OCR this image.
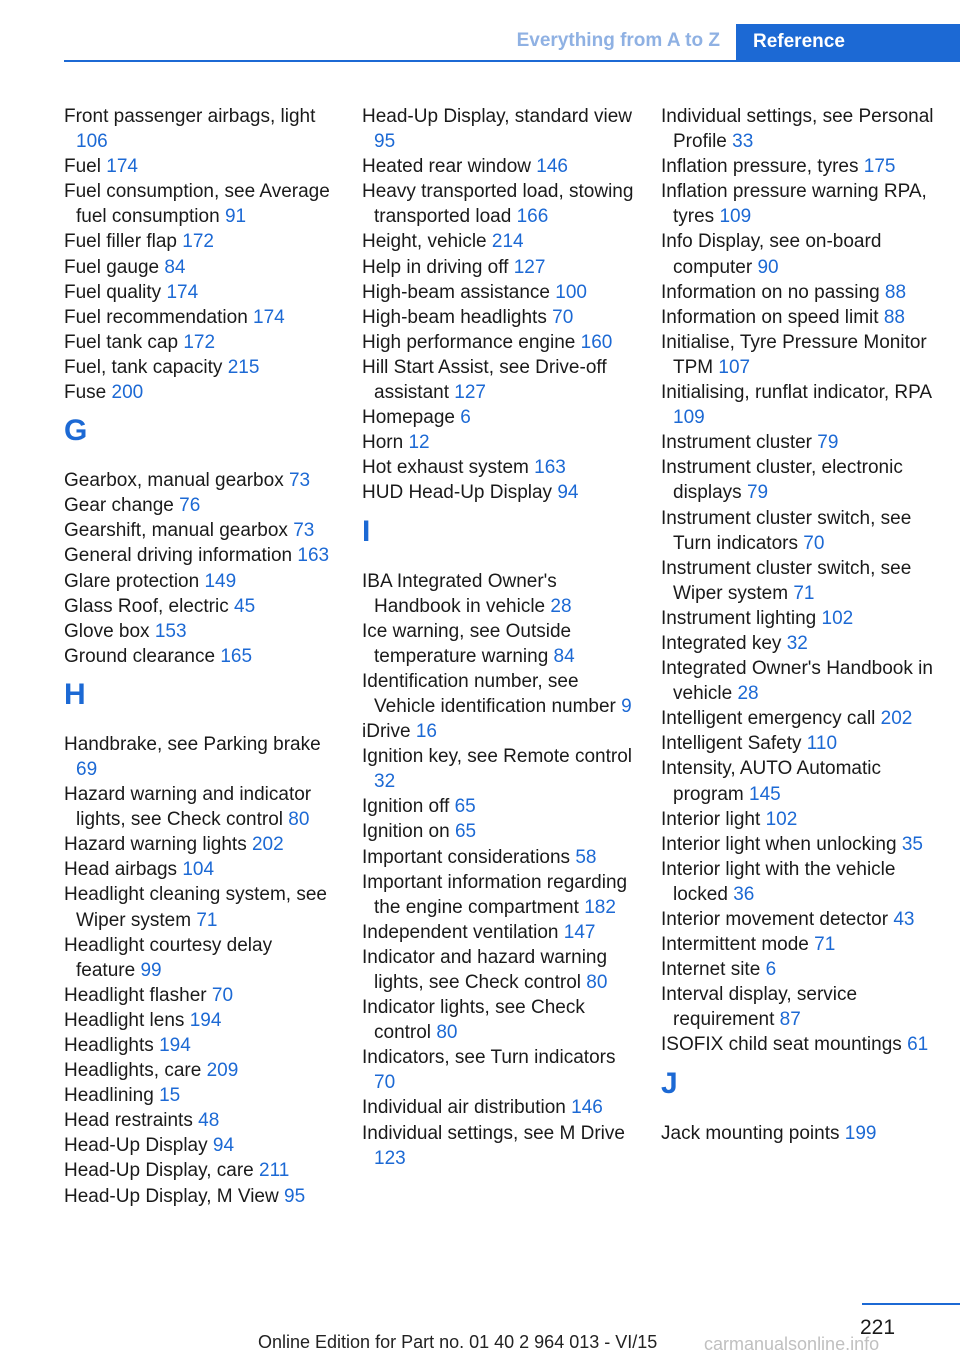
Everything from A to Z	Reference
Front passenger airbags, light 106
Fuel 174
Fuel consumption, see Average fuel consumption 91
Fuel filler flap 172
Fuel gauge 84
Fuel quality 174
Fuel recommendation 174
Fuel tank cap 172
Fuel, tank capacity 215
Fuse 200
G
Gearbox, manual gearbox 73
Gear change 76
Gearshift, manual gearbox 73
General driving information 163
Glare protection 149
Glass Roof, electric 45
Glove box 153
Ground clearance 165
H
Handbrake, see Parking brake 69
Hazard warning and indicator lights, see Check control 80
Hazard warning lights 202
Head airbags 104
Headlight cleaning system, see Wiper system 71
Headlight courtesy delay feature 99
Headlight flasher 70
Headlight lens 194
Headlights 194
Headlights, care 209
Headlining 15
Head restraints 48
Head-Up Display 94
Head-Up Display, care 211
Head-Up Display, M View 95
Head-Up Display, standard view 95
Heated rear window 146
Heavy transported load, stowing transported load 166
Height, vehicle 214
Help in driving off 127
High-beam assistance 100
High-beam headlights 70
High performance engine 160
Hill Start Assist, see Drive-off assistant 127
Homepage 6
Horn 12
Hot exhaust system 163
HUD Head-Up Display 94
I
IBA Integrated Owner's Handbook in vehicle 28
Ice warning, see Outside temperature warning 84
Identification number, see Vehicle identification number 9
iDrive 16
Ignition key, see Remote control 32
Ignition off 65
Ignition on 65
Important considerations 58
Important information regarding the engine compartment 182
Independent ventilation 147
Indicator and hazard warning lights, see Check control 80
Indicator lights, see Check control 80
Indicators, see Turn indicators 70
Individual air distribution 146
Individual settings, see M Drive 123
Individual settings, see Personal Profile 33
Inflation pressure, tyres 175
Inflation pressure warning RPA, tyres 109
Info Display, see on-board computer 90
Information on no passing 88
Information on speed limit 88
Initialise, Tyre Pressure Monitor TPM 107
Initialising, runflat indicator, RPA 109
Instrument cluster 79
Instrument cluster, electronic displays 79
Instrument cluster switch, see Turn indicators 70
Instrument cluster switch, see Wiper system 71
Instrument lighting 102
Integrated key 32
Integrated Owner's Handbook in vehicle 28
Intelligent emergency call 202
Intelligent Safety 110
Intensity, AUTO Automatic program 145
Interior light 102
Interior light when unlocking 35
Interior light with the vehicle locked 36
Interior movement detector 43
Intermittent mode 71
Internet site 6
Interval display, service requirement 87
ISOFIX child seat mountings 61
J
Jack mounting points 199
221
Online Edition for Part no. 01 40 2 964 013 - VI/15	carmanualsonline.info
